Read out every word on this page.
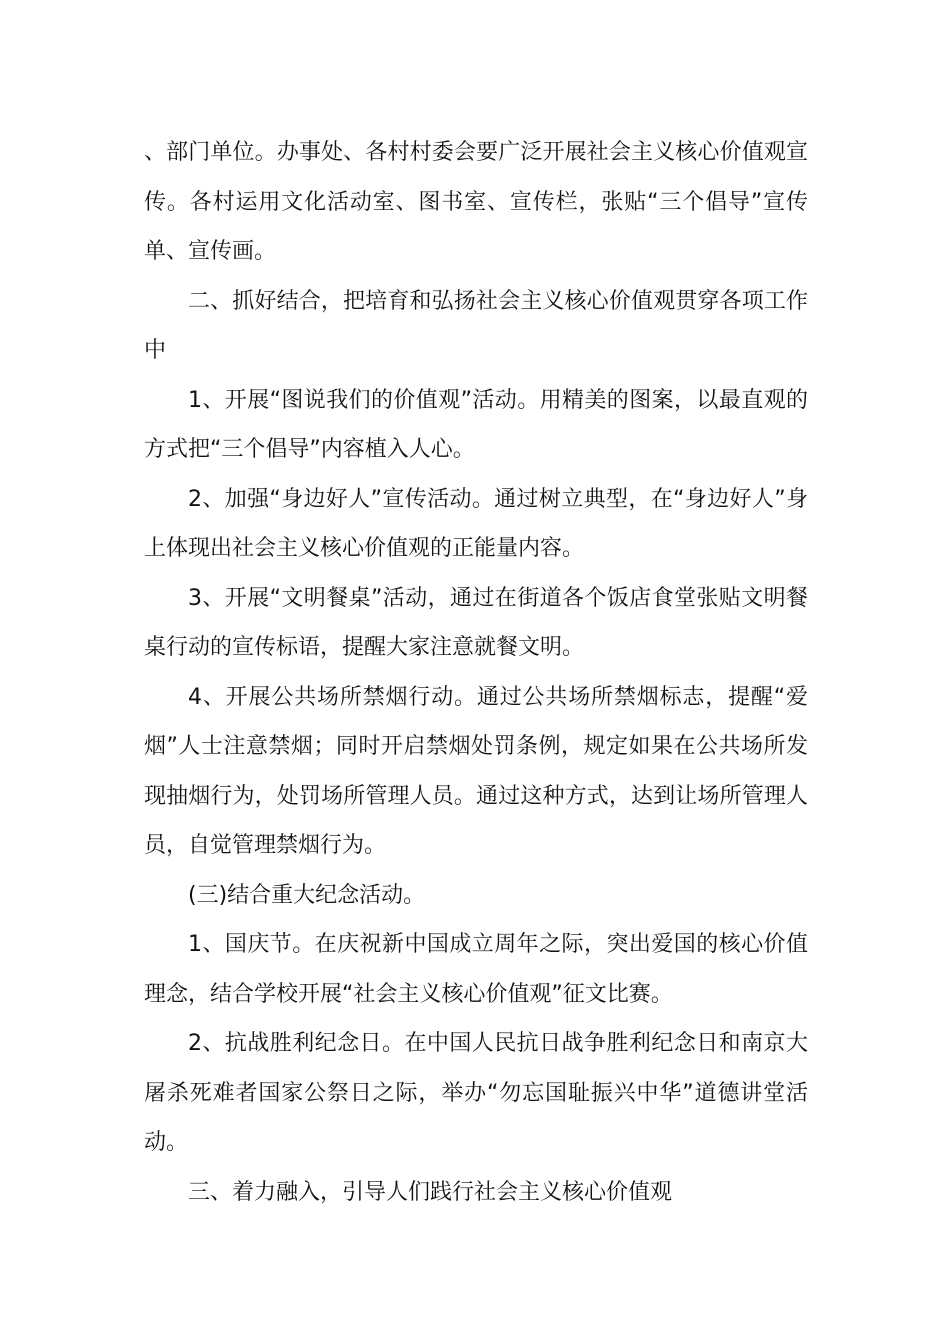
、部门单位。办事处、各村村委会要广泛开展社会主义核心价值观宣传。各村运用文化活动室、图书室、宣传栏，张贴“三个倡导”宣传单、宣传画。

二、抓好结合，把培育和弘扬社会主义核心价值观贯穿各项工作中

1、开展“图说我们的价值观”活动。用精美的图案，以最直观的方式把“三个倡导”内容植入人心。

2、加强“身边好人”宣传活动。通过树立典型，在“身边好人”身上体现出社会主义核心价值观的正能量内容。

3、开展“文明餐桌”活动，通过在街道各个饭店食堂张贴文明餐桌行动的宣传标语，提醒大家注意就餐文明。

4、开展公共场所禁烟行动。通过公共场所禁烟标志，提醒“爱烟”人士注意禁烟；同时开启禁烟处罚条例，规定如果在公共场所发现抽烟行为，处罚场所管理人员。通过这种方式，达到让场所管理人员，自觉管理禁烟行为。

(三)结合重大纪念活动。

1、国庆节。在庆祝新中国成立周年之际，突出爱国的核心价值理念，结合学校开展“社会主义核心价值观”征文比赛。

2、抗战胜利纪念日。在中国人民抗日战争胜利纪念日和南京大屠杀死难者国家公祭日之际，举办“勿忘国耻振兴中华”道德讲堂活动。

三、着力融入，引导人们践行社会主义核心价值观
